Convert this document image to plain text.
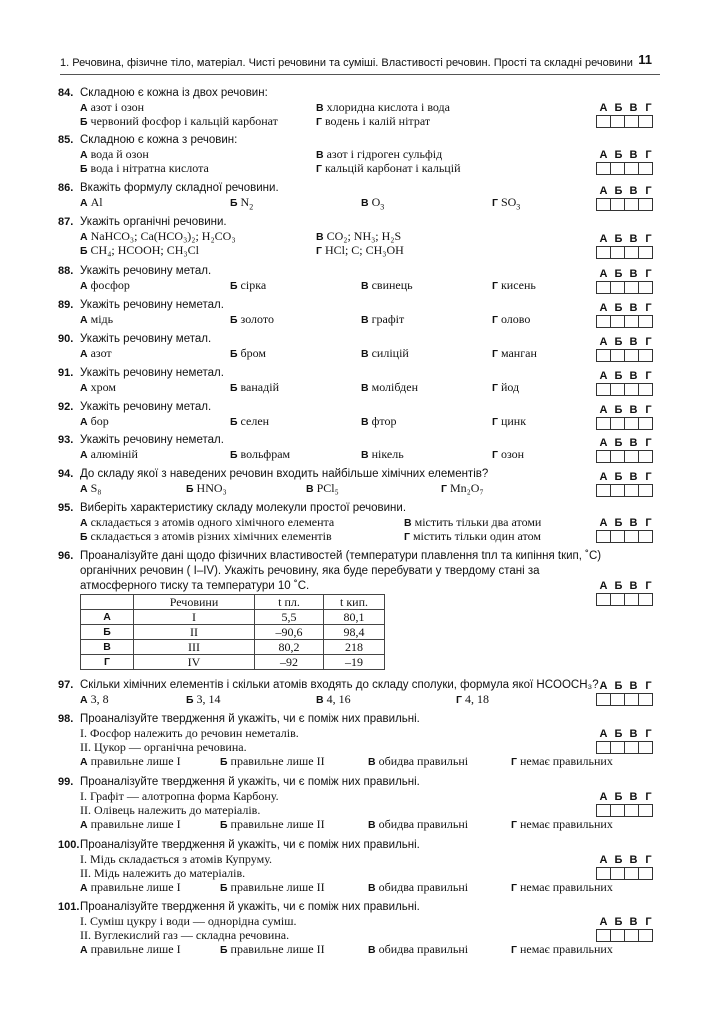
1. Речовина, фізичне тіло, матеріал. Чисті речовини та суміші. Властивості речовин. Прості та складні речовини 11
84. Складною є кожна із двох речовин:
А азот і озон
Б червоний фосфор і кальцій карбонат
В хлоридна кислота і вода
Г водень і калій нітрат
А Б В Г
85. Складною є кожна з речовин:
А вода й озон
Б вода і нітратна кислота
В азот і гідроген сульфід
Г кальцій карбонат і кальцій
А Б В Г
86. Вкажіть формулу складної речовини.
А Al	Б $N_2$	В $O_3$	Г $SO_3$
А Б В Г
87. Укажіть органічні речовини.
А NaHCO₃; Ca(HCO₃)₂; H₂CO₃
Б CH₄; HCOOH; CH₃Cl
В CO₂; NH₃; H₂S
Г HCl; C; CH₃OH
А Б В Г
88. Укажіть речовину метал.
А фосфор	Б сірка	В свинець	Г кисень
А Б В Г
89. Укажіть речовину неметал.
А мідь	Б золото	В графіт	Г олово
А Б В Г
90. Укажіть речовину метал.
А азот	Б бром	В силіцій	Г манган
А Б В Г
91. Укажіть речовину неметал.
А хром	Б ванадій	В молібден	Г йод
А Б В Г
92. Укажіть речовину метал.
А бор	Б селен	В фтор	Г цинк
А Б В Г
93. Укажіть речовину неметал.
А алюміній	Б вольфрам	В нікель	Г озон
А Б В Г
94. До складу якої з наведених речовин входить найбільше хімічних елементів?
А S₈	Б HNO₃	В PCl₅	Г Mn₂O₇
А Б В Г
95. Виберіть характеристику складу молекули простої речовини.
А складається з атомів одного хімічного елемента
Б складається з атомів різних хімічних елементів
В містить тільки два атоми
Г містить тільки один атом
А Б В Г
96. Проаналізуйте дані щодо фізичних властивостей (температури плавлення tпл та кипіння tкип, ˚С) органічних речовин ( I–IV). Укажіть речовину, яка буде перебувати у твердому стані за атмосферного тиску та температури 10 ˚С.	А Б В Г
	Речовини	t пл.	t кип.
А	I	5,5	80,1
Б	II	–90,6	98,4
В	III	80,2	218
Г	IV	–92	–19
97. Скільки хімічних елементів і скільки атомів входять до складу сполуки, формула якої HCOOCH₃?
А 3, 8	Б 3, 14	В 4, 16	Г 4, 18
А Б В Г
98. Проаналізуйте твердження й укажіть, чи є поміж них правильні.
I. Фосфор належить до речовин неметалів.
II. Цукор — органічна речовина.
А правильне лише I	Б правильне лише II	В обидва правильні	Г немає правильних
А Б В Г
99. Проаналізуйте твердження й укажіть, чи є поміж них правильні.
I. Графіт — алотропна форма Карбону.
II. Олівець належить до матеріалів.
А правильне лише I	Б правильне лише II	В обидва правильні	Г немає правильних
А Б В Г
100. Проаналізуйте твердження й укажіть, чи є поміж них правильні.
I. Мідь складається з атомів Купруму.
II. Мідь належить до матеріалів.
А правильне лише I	Б правильне лише II	В обидва правильні	Г немає правильних
А Б В Г
101. Проаналізуйте твердження й укажіть, чи є поміж них правильні.
I. Суміш цукру і води — однорідна суміш.
II. Вуглекислий газ — складна речовина.
А правильне лише I	Б правильне лише II	В обидва правильні	Г немає правильних
А Б В Г
